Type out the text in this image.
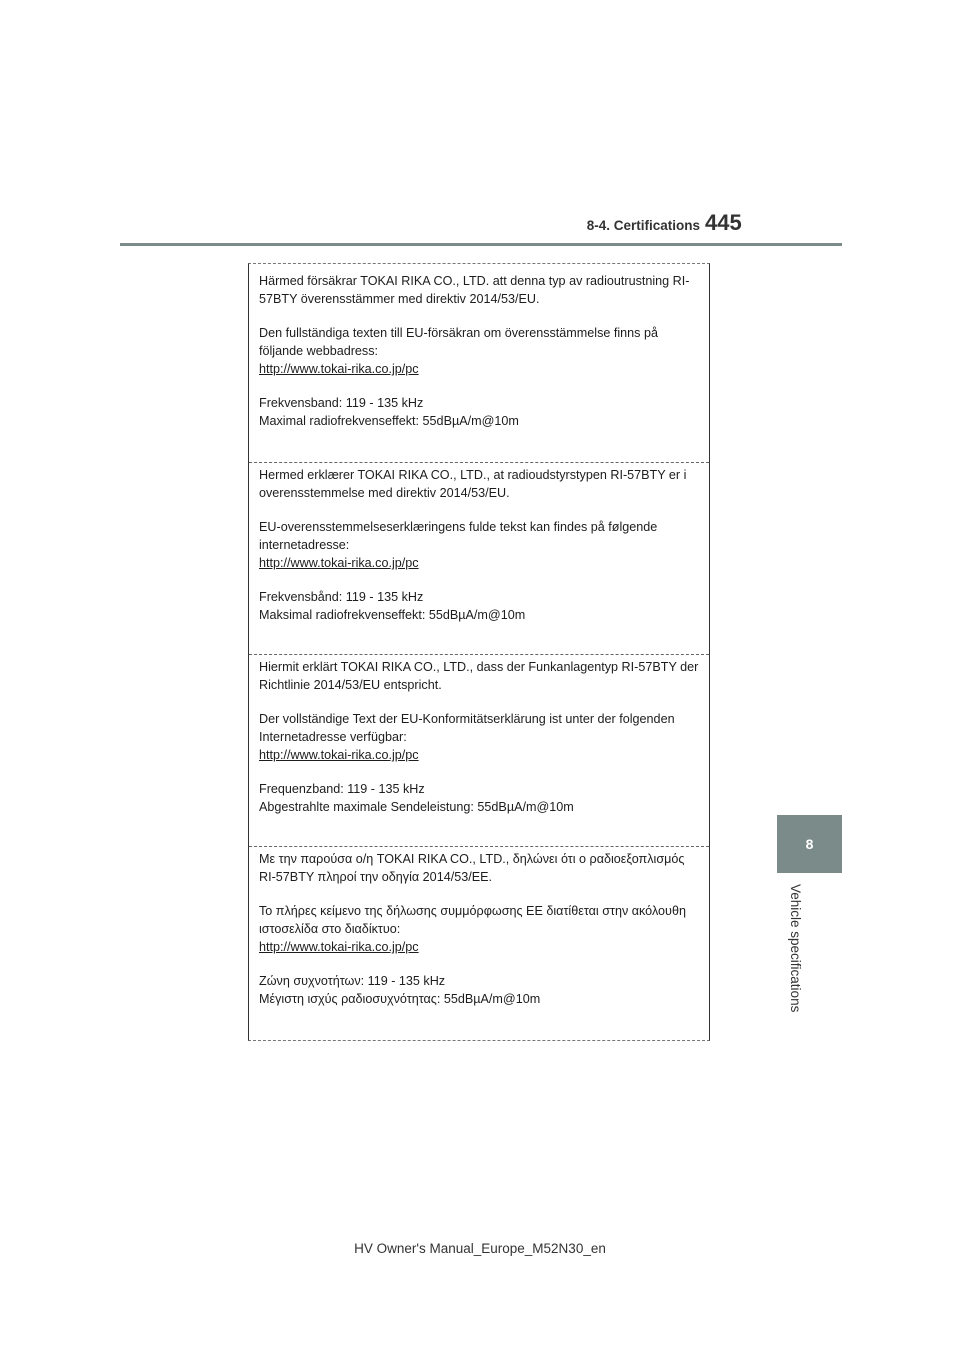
8-4. Certifications 445

Härmed försäkrar TOKAI RIKA CO., LTD. att denna typ av radioutrustning RI-57BTY överensstämmer med direktiv 2014/53/EU.

Den fullständiga texten till EU-försäkran om överensstämmelse finns på följande webbadress:

http://www.tokai-rika.co.jp/pc

Frekvensband: 119 - 135 kHz

Maximal radiofrekvenseffekt: 55dBµA/m@10m

Hermed erklærer TOKAI RIKA CO., LTD., at radioudstyrstypen RI-57BTY er i overensstemmelse med direktiv 2014/53/EU.

EU-overensstemmelseserklæringens fulde tekst kan findes på følgende internetadresse:

http://www.tokai-rika.co.jp/pc

Frekvensbånd: 119 - 135 kHz

Maksimal radiofrekvenseffekt: 55dBµA/m@10m

Hiermit erklärt TOKAI RIKA CO., LTD., dass der Funkanlagentyp RI-57BTY der Richtlinie 2014/53/EU entspricht.

Der vollständige Text der EU-Konformitätserklärung ist unter der folgenden Internetadresse verfügbar:

http://www.tokai-rika.co.jp/pc

Frequenzband: 119 - 135 kHz

Abgestrahlte maximale Sendeleistung: 55dBµA/m@10m

Με την παρούσα ο/η TOKAI RIKA CO., LTD., δηλώνει ότι ο ραδιοεξοπλισμός RI-57BTY πληροί την οδηγία 2014/53/ΕΕ.

Το πλήρες κείμενο της δήλωσης συμμόρφωσης ΕΕ διατίθεται στην ακόλουθη ιστοσελίδα στο διαδίκτυο:

http://www.tokai-rika.co.jp/pc

Ζώνη συχνοτήτων: 119 - 135 kHz

Μέγιστη ισχύς ραδιοσυχνότητας: 55dBµA/m@10m

8
Vehicle specifications
HV Owner's Manual_Europe_M52N30_en
